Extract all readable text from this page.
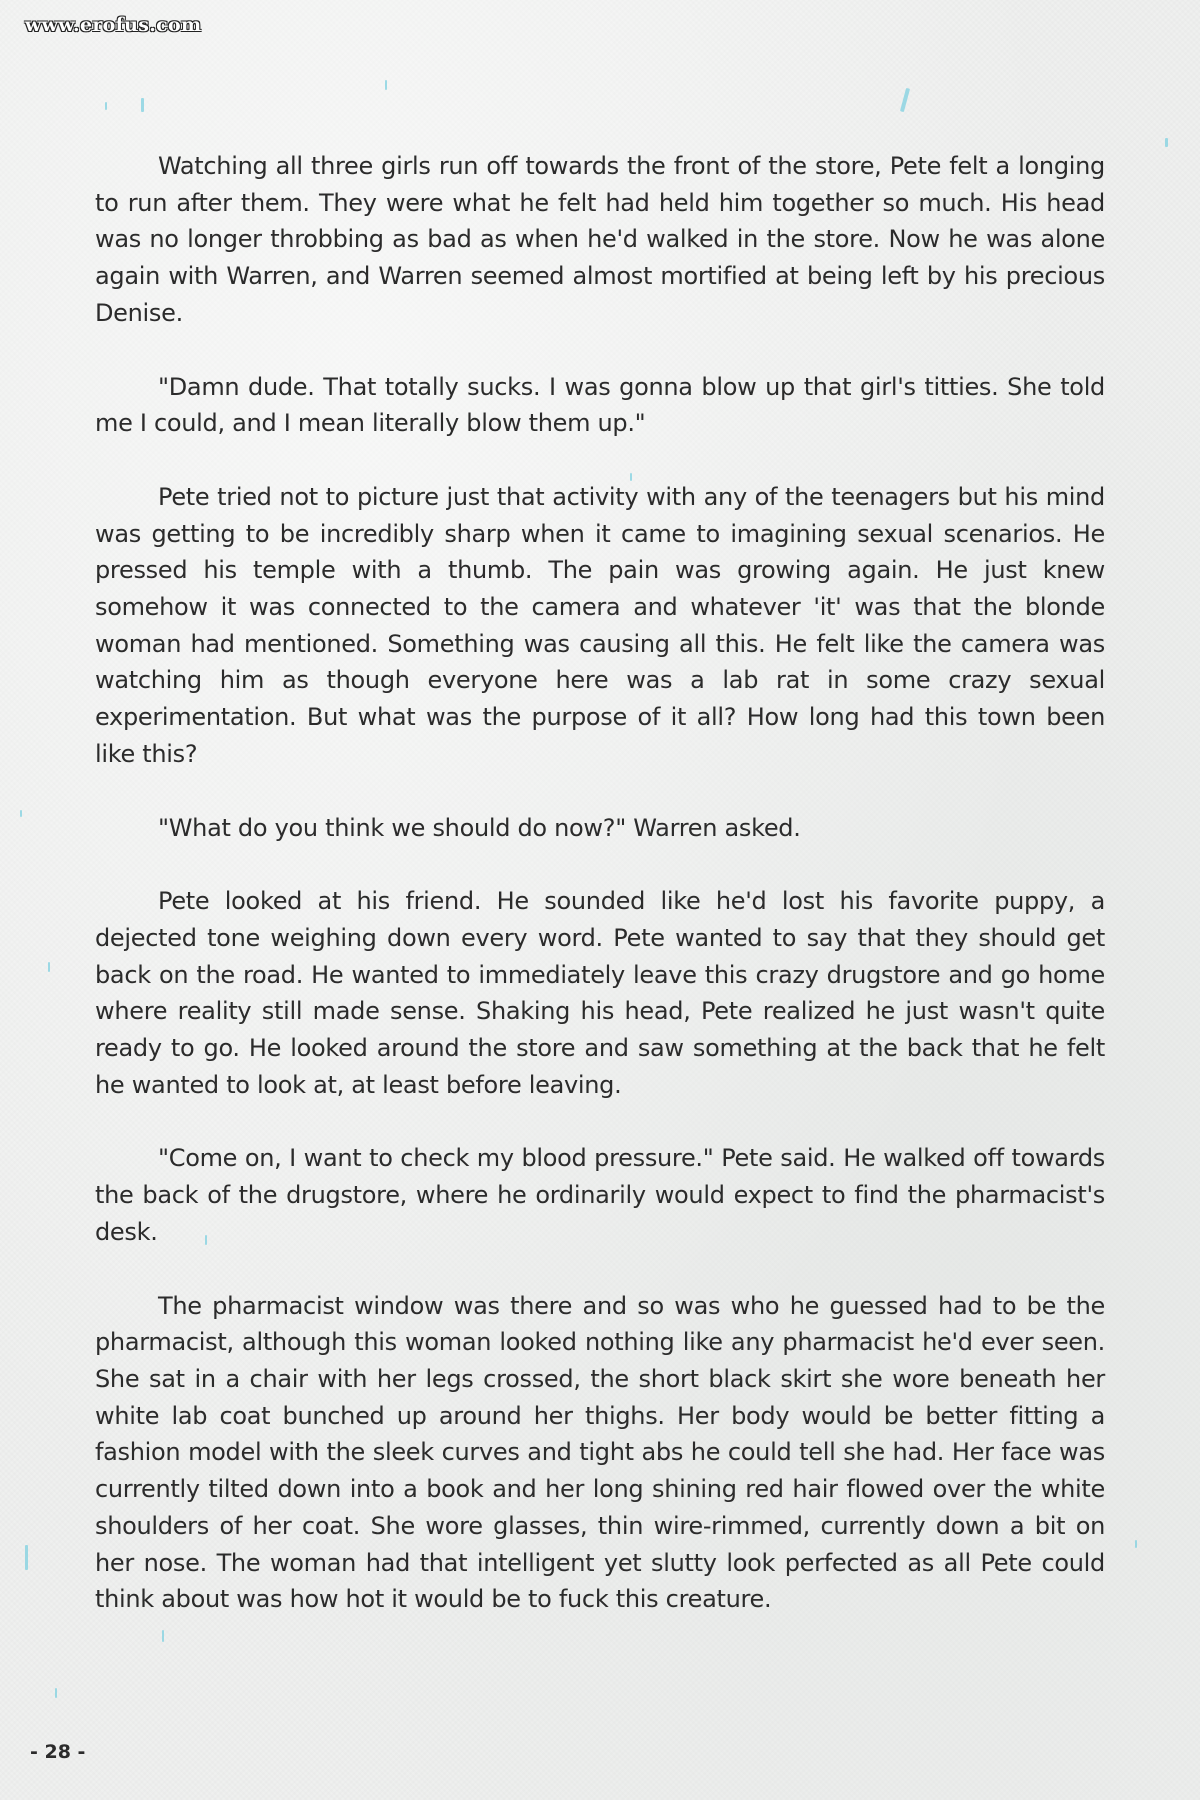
www.erofus.com

Watching all three girls run off towards the front of the store, Pete felt a longing to run after them. They were what he felt had held him together so much. His head was no longer throbbing as bad as when he'd walked in the store. Now he was alone again with Warren, and Warren seemed almost mortified at being left by his precious Denise.

"Damn dude. That totally sucks. I was gonna blow up that girl's titties. She told me I could, and I mean literally blow them up."

Pete tried not to picture just that activity with any of the teenagers but his mind was getting to be incredibly sharp when it came to imagining sexual scenarios. He pressed his temple with a thumb. The pain was growing again. He just knew somehow it was connected to the camera and whatever 'it' was that the blonde woman had mentioned. Something was causing all this. He felt like the camera was watching him as though everyone here was a lab rat in some crazy sexual experimentation. But what was the purpose of it all? How long had this town been like this?

"What do you think we should do now?" Warren asked.

Pete looked at his friend. He sounded like he'd lost his favorite puppy, a dejected tone weighing down every word. Pete wanted to say that they should get back on the road. He wanted to immediately leave this crazy drugstore and go home where reality still made sense. Shaking his head, Pete realized he just wasn't quite ready to go. He looked around the store and saw something at the back that he felt he wanted to look at, at least before leaving.

"Come on, I want to check my blood pressure." Pete said. He walked off towards the back of the drugstore, where he ordinarily would expect to find the pharmacist's desk.

The pharmacist window was there and so was who he guessed had to be the pharmacist, although this woman looked nothing like any pharmacist he'd ever seen. She sat in a chair with her legs crossed, the short black skirt she wore beneath her white lab coat bunched up around her thighs. Her body would be better fitting a fashion model with the sleek curves and tight abs he could tell she had. Her face was currently tilted down into a book and her long shining red hair flowed over the white shoulders of her coat. She wore glasses, thin wire-rimmed, currently down a bit on her nose. The woman had that intelligent yet slutty look perfected as all Pete could think about was how hot it would be to fuck this creature.

- 28 -
